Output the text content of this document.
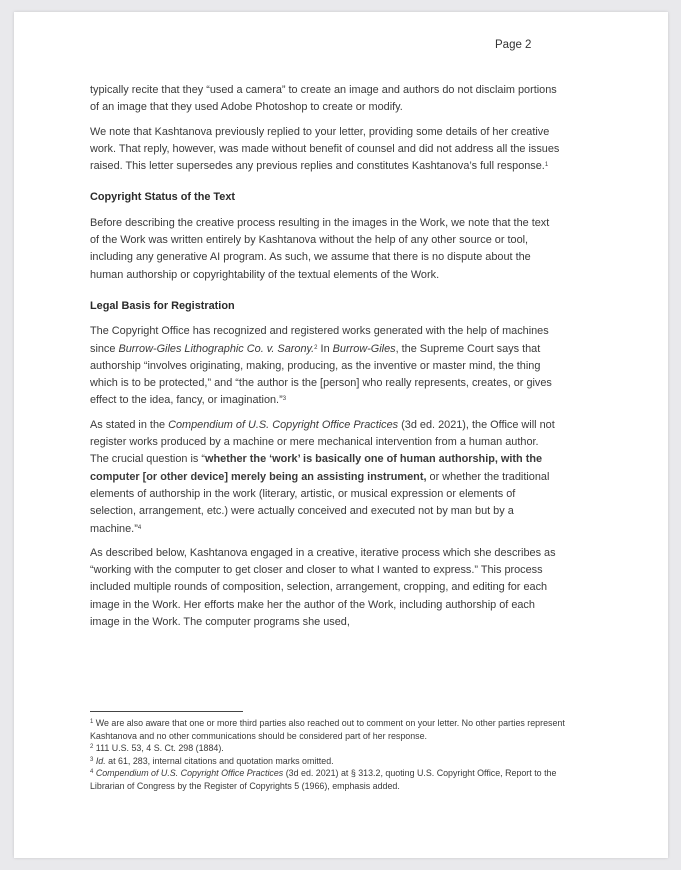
Page 2

typically recite that they “used a camera” to create an image and authors do not disclaim portions of an image that they used Adobe Photoshop to create or modify.

We note that Kashtanova previously replied to your letter, providing some details of her creative work. That reply, however, was made without benefit of counsel and did not address all the issues raised. This letter supersedes any previous replies and constitutes Kashtanova’s full response.$^1$

Copyright Status of the Text

Before describing the creative process resulting in the images in the Work, we note that the text of the Work was written entirely by Kashtanova without the help of any other source or tool, including any generative AI program. As such, we assume that there is no dispute about the human authorship or copyrightability of the textual elements of the Work.

Legal Basis for Registration

The Copyright Office has recognized and registered works generated with the help of machines since Burrow-Giles Lithographic Co. v. Sarony.$^2$ In Burrow-Giles, the Supreme Court says that authorship “involves originating, making, producing, as the inventive or master mind, the thing which is to be protected,” and “the author is the [person] who really represents, creates, or gives effect to the idea, fancy, or imagination.”$^3$

As stated in the Compendium of U.S. Copyright Office Practices (3d ed. 2021), the Office will not register works produced by a machine or mere mechanical intervention from a human author. The crucial question is “whether the ‘work’ is basically one of human authorship, with the computer [or other device] merely being an assisting instrument, or whether the traditional elements of authorship in the work (literary, artistic, or musical expression or elements of selection, arrangement, etc.) were actually conceived and executed not by man but by a machine.”$^4$

As described below, Kashtanova engaged in a creative, iterative process which she describes as “working with the computer to get closer and closer to what I wanted to express.” This process included multiple rounds of composition, selection, arrangement, cropping, and editing for each image in the Work. Her efforts make her the author of the Work, including authorship of each image in the Work. The computer programs she used,

$^1$ We are also aware that one or more third parties also reached out to comment on your letter. No other parties represent Kashtanova and no other communications should be considered part of her response.
$^2$ 111 U.S. 53, 4 S. Ct. 298 (1884).
$^3$ Id. at 61, 283, internal citations and quotation marks omitted.
$^4$ Compendium of U.S. Copyright Office Practices (3d ed. 2021) at § 313.2, quoting U.S. Copyright Office, Report to the Librarian of Congress by the Register of Copyrights 5 (1966), emphasis added.
